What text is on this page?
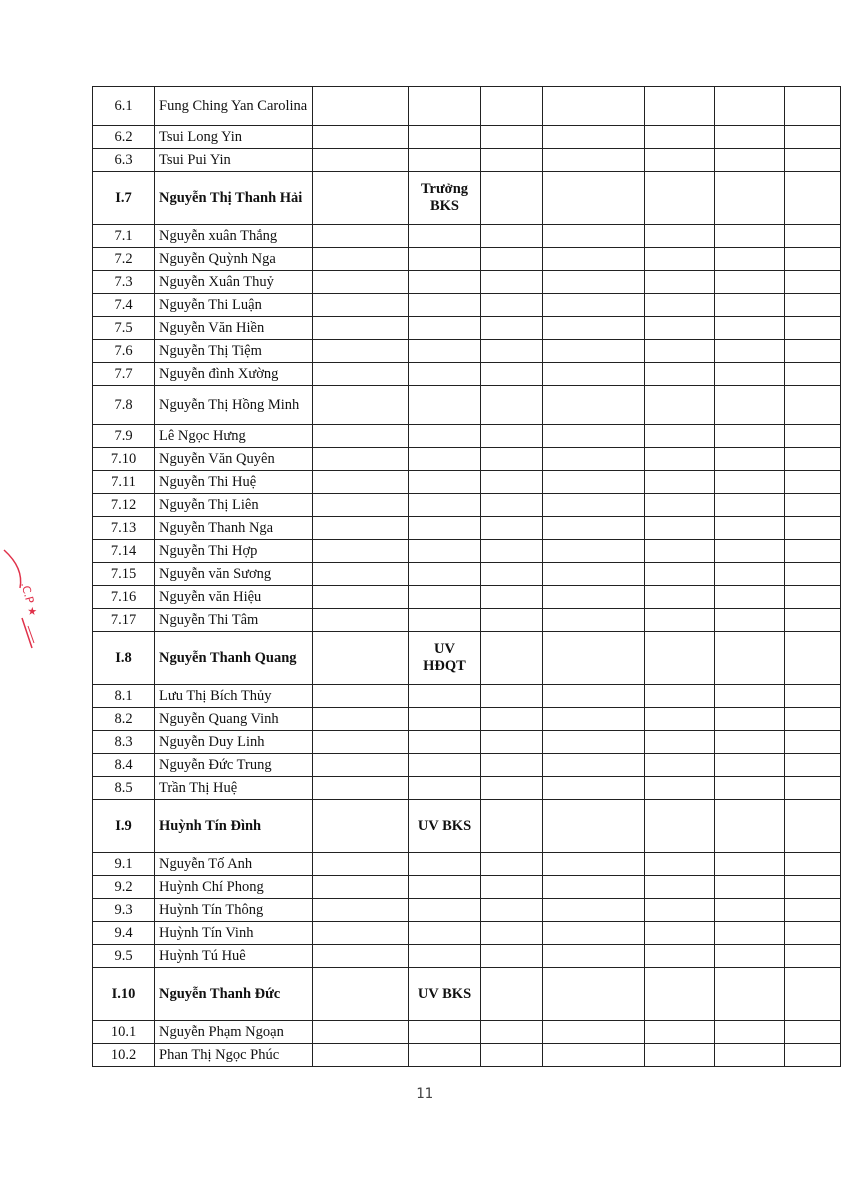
.C.P ★
6.1	Fung Ching Yan Carolina							
6.2	Tsui Long Yin							
6.3	Tsui Pui Yin							
I.7	Nguyễn Thị Thanh Hải		Trưởng BKS					
7.1	Nguyễn xuân Thắng							
7.2	Nguyễn Quỳnh Nga							
7.3	Nguyễn Xuân Thuỷ							
7.4	Nguyễn Thi Luận							
7.5	Nguyễn Văn Hiền							
7.6	Nguyễn Thị Tiệm							
7.7	Nguyễn đình Xường							
7.8	Nguyễn Thị Hồng Minh							
7.9	Lê Ngọc Hưng							
7.10	Nguyễn Văn Quyên							
7.11	Nguyễn Thi Huệ							
7.12	Nguyễn Thị Liên							
7.13	Nguyễn Thanh Nga							
7.14	Nguyễn Thi Hợp							
7.15	Nguyễn văn Sương							
7.16	Nguyễn văn Hiệu							
7.17	Nguyễn Thi Tâm							
I.8	Nguyễn Thanh Quang		UV HĐQT					
8.1	Lưu Thị Bích Thủy							
8.2	Nguyễn Quang Vinh							
8.3	Nguyễn Duy Linh							
8.4	Nguyễn Đức Trung							
8.5	Trần Thị Huệ							
I.9	Huỳnh Tín Đình		UV BKS					
9.1	Nguyễn Tố Anh							
9.2	Huỳnh Chí Phong							
9.3	Huỳnh Tín Thông							
9.4	Huỳnh Tín Vinh							
9.5	Huỳnh Tú Huê							
I.10	Nguyễn Thanh Đức		UV BKS					
10.1	Nguyễn Phạm Ngoạn							
10.2	Phan Thị Ngọc Phúc							
11
